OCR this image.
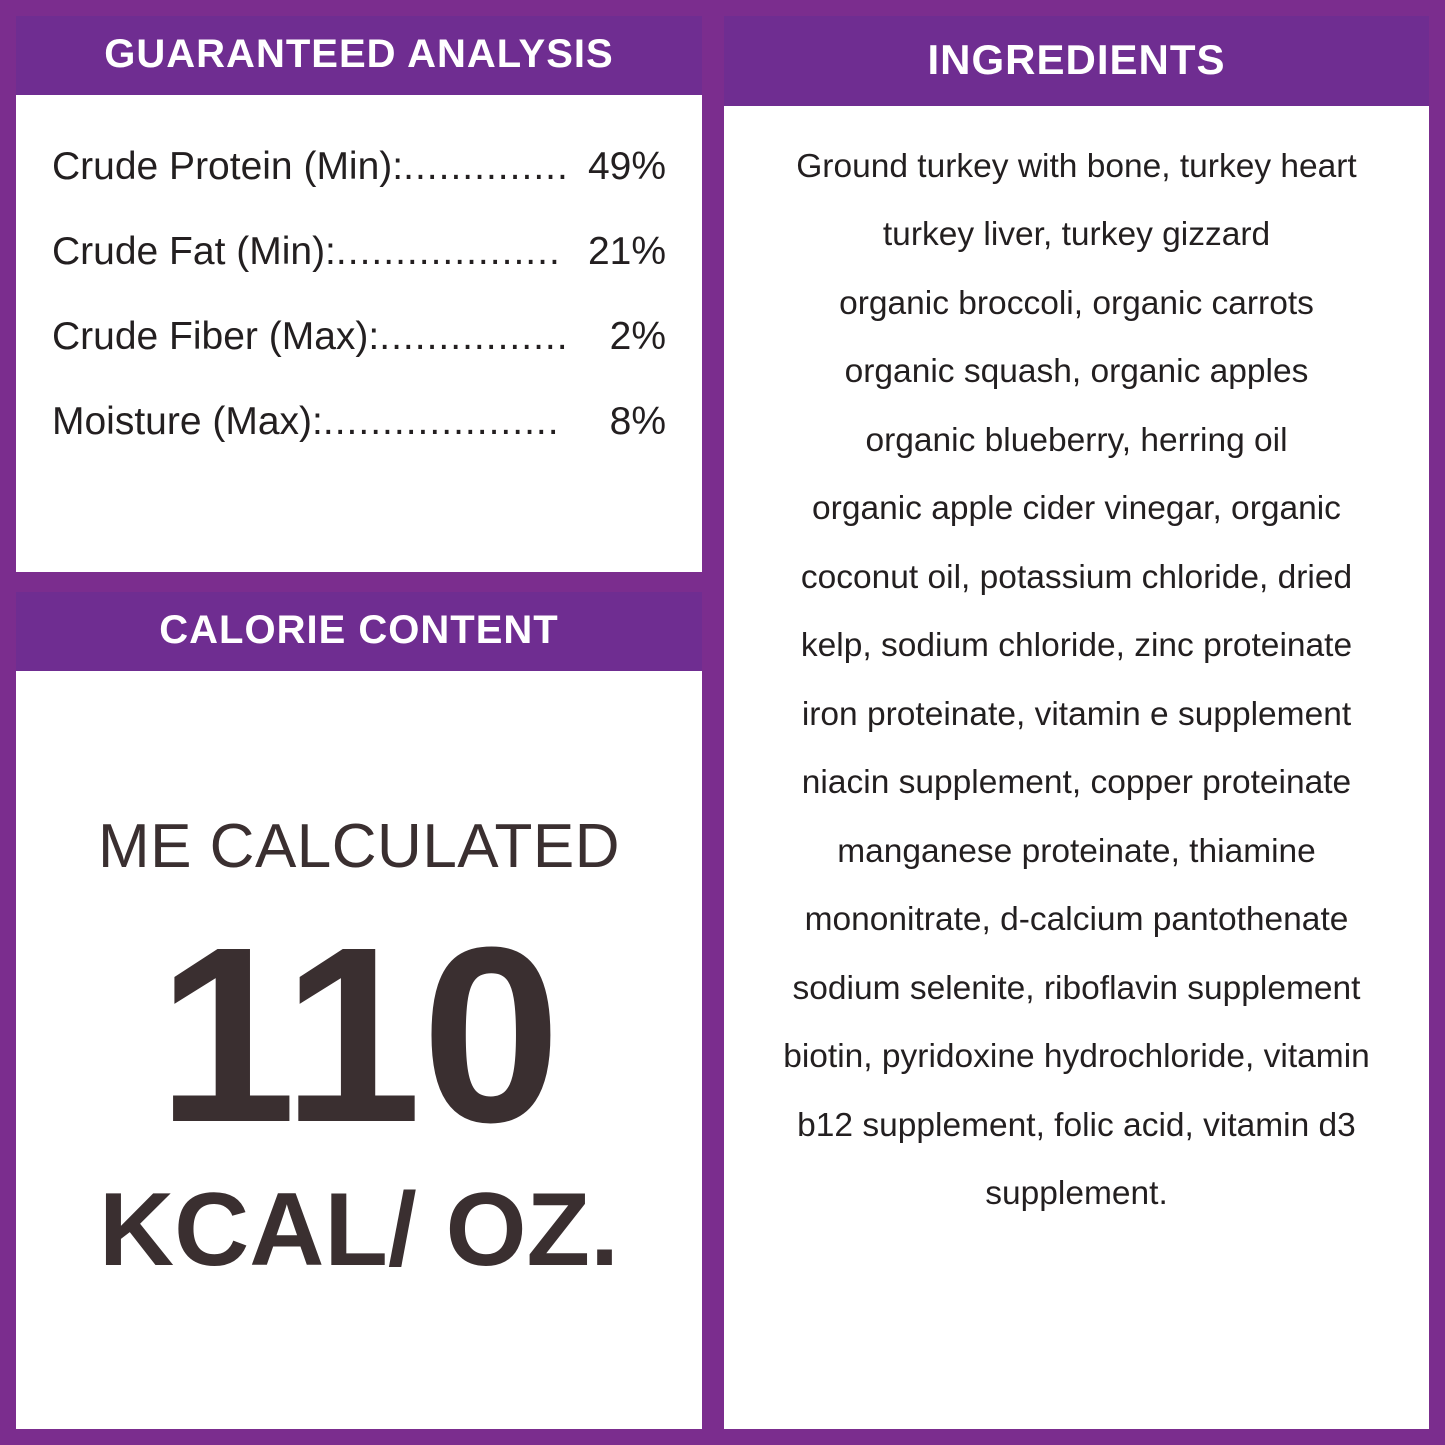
GUARANTEED ANALYSIS
Crude Protein (Min): .............. 49%
Crude Fat (Min): ................... 21%
Crude Fiber (Max): ................	2%
Moisture (Max): ....................	8%
CALORIE CONTENT
ME CALCULATED
110
KCAL/ OZ.
INGREDIENTS
Ground turkey with bone, turkey heart
turkey liver, turkey gizzard
organic broccoli, organic carrots
organic squash, organic apples
organic blueberry, herring oil
organic apple cider vinegar, organic
coconut oil, potassium chloride, dried
kelp, sodium chloride, zinc proteinate
iron proteinate, vitamin e supplement
niacin supplement, copper proteinate
manganese proteinate, thiamine
mononitrate, d-calcium pantothenate
sodium selenite, riboflavin supplement
biotin, pyridoxine hydrochloride, vitamin
b12 supplement, folic acid, vitamin d3
supplement.
